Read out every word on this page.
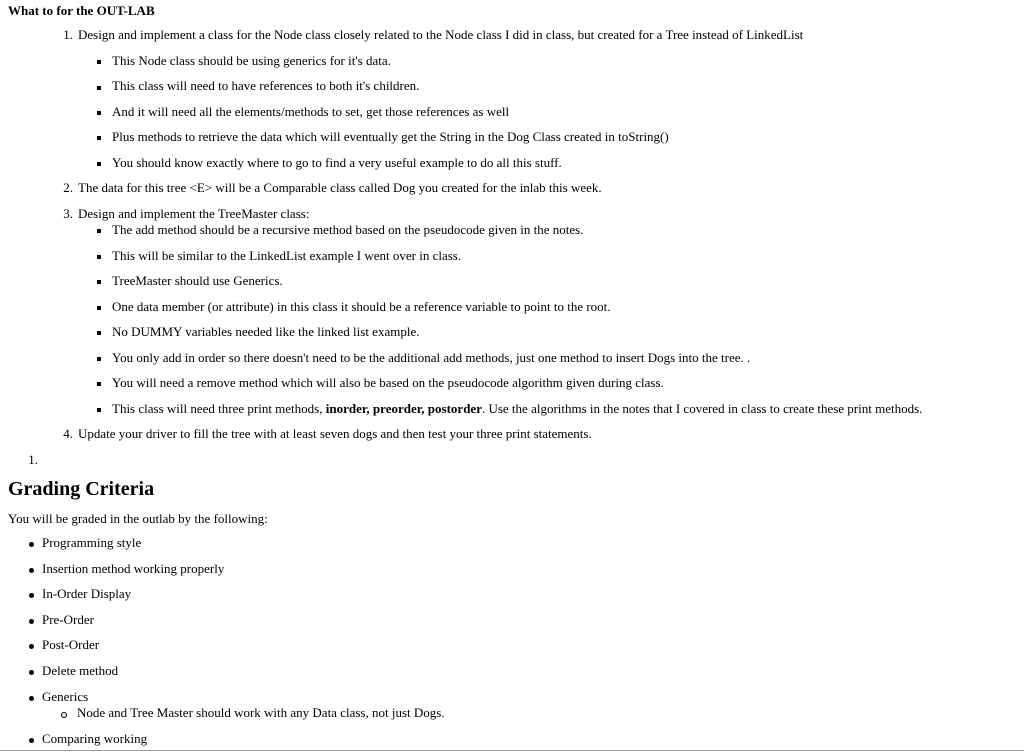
What to for the OUT-LAB
1. Design and implement a class for the Node class closely related to the Node class I did in class, but created for a Tree instead of LinkedList
This Node class should be using generics for it's data.
This class will need to have references to both it's children.
And it will need all the elements/methods to set, get those references as well
Plus methods to retrieve the data which will eventually get the String in the Dog Class created in toString()
You should know exactly where to go to find a very useful example to do all this stuff.
2. The data for this tree <E> will be a Comparable class called Dog you created for the inlab this week.
3. Design and implement the TreeMaster class:
The add method should be a recursive method based on the pseudocode given in the notes.
This will be similar to the LinkedList example I went over in class.
TreeMaster should use Generics.
One data member (or attribute) in this class it should be a reference variable to point to the root.
No DUMMY variables needed like the linked list example.
You only add in order so there doesn't need to be the additional add methods, just one method to insert Dogs into the tree. .
You will need a remove method which will also be based on the pseudocode algorithm given during class.
This class will need three print methods, inorder, preorder, postorder. Use the algorithms in the notes that I covered in class to create these print methods.
4. Update your driver to fill the tree with at least seven dogs and then test your three print statements.
1.
Grading Criteria
You will be graded in the outlab by the following:
Programming style
Insertion method working properly
In-Order Display
Pre-Order
Post-Order
Delete method
Generics
Node and Tree Master should work with any Data class, not just Dogs.
Comparing working
